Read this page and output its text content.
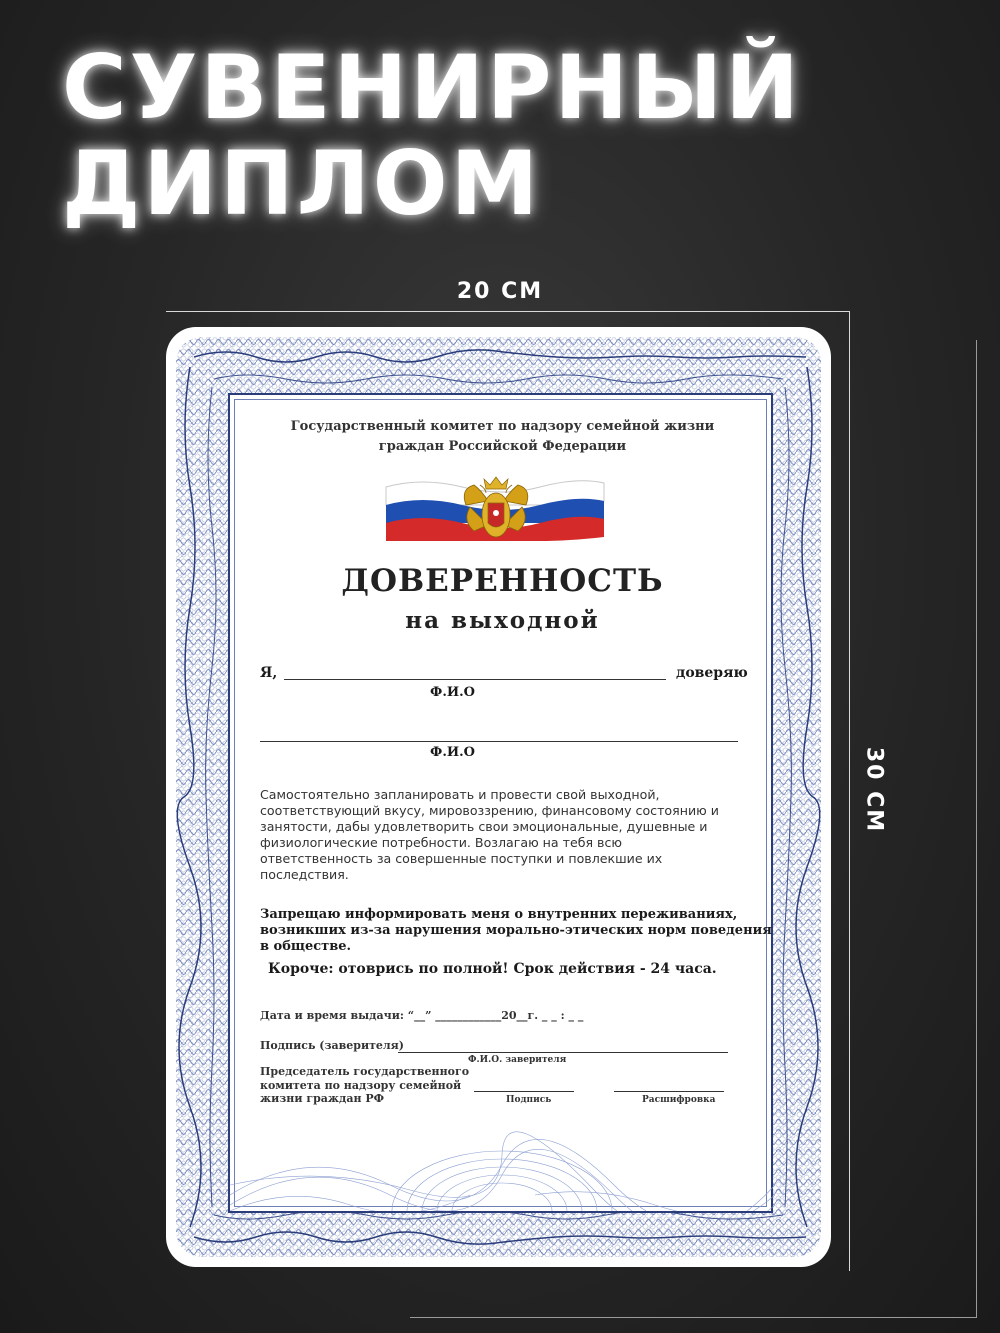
СУВЕНИРНЫЙ
ДИПЛОМ
20 СМ
30 СМ
Государственный комитет по надзору семейной жизни
граждан Российской Федерации
ДОВЕРЕННОСТЬ
на выходной
Я,	доверяю
Ф.И.О
Ф.И.О
Самостоятельно запланировать и провести свой выходной,
соответствующий вкусу, мировоззрению, финансовому состоянию и
занятости, дабы удовлетворить свои эмоциональные, душевные и
физиологические потребности. Возлагаю на тебя всю
ответственность за совершенные поступки и повлекшие их
последствия.
Запрещаю информировать меня о внутренних переживаниях,
возникших из-за нарушения морально-этических норм поведения
в обществе.
Короче: отоврись по полной! Срок действия - 24 часа.
Дата и время выдачи: “__” ____________20__г. _ _ : _ _
Подпись (заверителя)
Ф.И.О. заверителя
Председатель государственного
комитета по надзору семейной
жизни граждан РФ	Подпись	Расшифровка
